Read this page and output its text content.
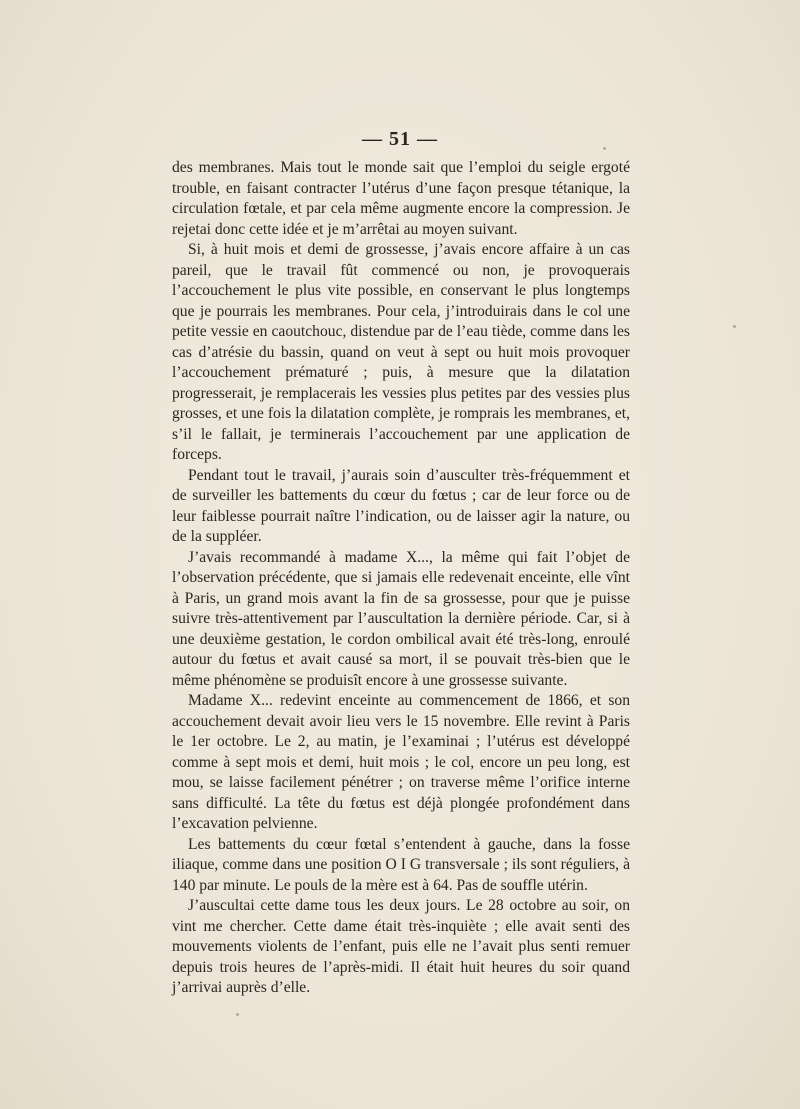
— 51 —

des membranes. Mais tout le monde sait que l’emploi du seigle ergoté trouble, en faisant contracter l’utérus d’une façon presque tétanique, la circulation fœtale, et par cela même augmente encore la compression. Je rejetai donc cette idée et je m’arrêtai au moyen suivant.

Si, à huit mois et demi de grossesse, j’avais encore affaire à un cas pareil, que le travail fût commencé ou non, je provoquerais l’accouchement le plus vite possible, en conservant le plus longtemps que je pourrais les membranes. Pour cela, j’introduirais dans le col une petite vessie en caoutchouc, distendue par de l’eau tiède, comme dans les cas d’atrésie du bassin, quand on veut à sept ou huit mois provoquer l’accouchement prématuré ; puis, à mesure que la dilatation progresserait, je remplacerais les vessies plus petites par des vessies plus grosses, et une fois la dilatation complète, je romprais les membranes, et, s’il le fallait, je terminerais l’accouchement par une application de forceps.

Pendant tout le travail, j’aurais soin d’ausculter très-fréquemment et de surveiller les battements du cœur du fœtus ; car de leur force ou de leur faiblesse pourrait naître l’indication, ou de laisser agir la nature, ou de la suppléer.

J’avais recommandé à madame X..., la même qui fait l’objet de l’observation précédente, que si jamais elle redevenait enceinte, elle vînt à Paris, un grand mois avant la fin de sa grossesse, pour que je puisse suivre très-attentivement par l’auscultation la dernière période. Car, si à une deuxième gestation, le cordon ombilical avait été très-long, enroulé autour du fœtus et avait causé sa mort, il se pouvait très-bien que le même phénomène se produisît encore à une grossesse suivante.

Madame X... redevint enceinte au commencement de 1866, et son accouchement devait avoir lieu vers le 15 novembre. Elle revint à Paris le 1er octobre. Le 2, au matin, je l’examinai ; l’utérus est développé comme à sept mois et demi, huit mois ; le col, encore un peu long, est mou, se laisse facilement pénétrer ; on traverse même l’orifice interne sans difficulté. La tête du fœtus est déjà plongée profondément dans l’excavation pelvienne.

Les battements du cœur fœtal s’entendent à gauche, dans la fosse iliaque, comme dans une position O I G transversale ; ils sont réguliers, à 140 par minute. Le pouls de la mère est à 64. Pas de souffle utérin.

J’auscultai cette dame tous les deux jours. Le 28 octobre au soir, on vint me chercher. Cette dame était très-inquiète ; elle avait senti des mouvements violents de l’enfant, puis elle ne l’avait plus senti remuer depuis trois heures de l’après-midi. Il était huit heures du soir quand j’arrivai auprès d’elle.
